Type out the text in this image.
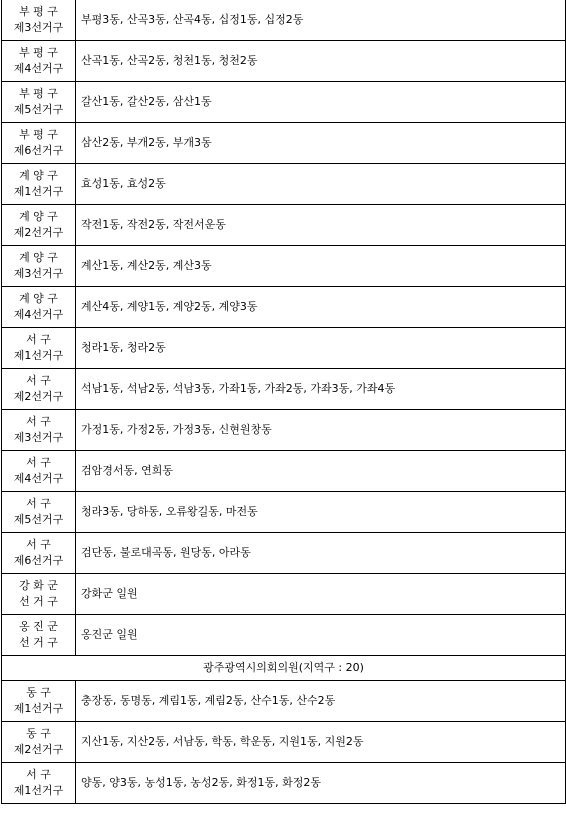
부 평 구
제3선거구	부평3동, 산곡3동, 산곡4동, 십정1동, 십정2동

부 평 구
제4선거구	산곡1동, 산곡2동, 청천1동, 청천2동

부 평 구
제5선거구	갈산1동, 갈산2동, 삼산1동

부 평 구
제6선거구	삼산2동, 부개2동, 부개3동

계 양 구
제1선거구	효성1동, 효성2동

계 양 구
제2선거구	작전1동, 작전2동, 작전서운동

계 양 구
제3선거구	계산1동, 계산2동, 계산3동

계 양 구
제4선거구	계산4동, 계양1동, 계양2동, 계양3동

서 구
제1선거구	청라1동, 청라2동

서 구
제2선거구	석남1동, 석남2동, 석남3동, 가좌1동, 가좌2동, 가좌3동, 가좌4동

서 구
제3선거구	가정1동, 가정2동, 가정3동, 신현원창동

서 구
제4선거구	검암경서동, 연희동

서 구
제5선거구	청라3동, 당하동, 오류왕길동, 마전동

서 구
제6선거구	검단동, 불로대곡동, 원당동, 아라동

강 화 군
선 거 구	강화군 일원

옹 진 군
선 거 구	옹진군 일원
광주광역시의회의원(지역구 : 20)	

동 구
제1선거구	충장동, 동명동, 계림1동, 계림2동, 산수1동, 산수2동

동 구
제2선거구	지산1동, 지산2동, 서남동, 학동, 학운동, 지원1동, 지원2동

서 구
제1선거구	양동, 양3동, 농성1동, 농성2동, 화정1동, 화정2동
